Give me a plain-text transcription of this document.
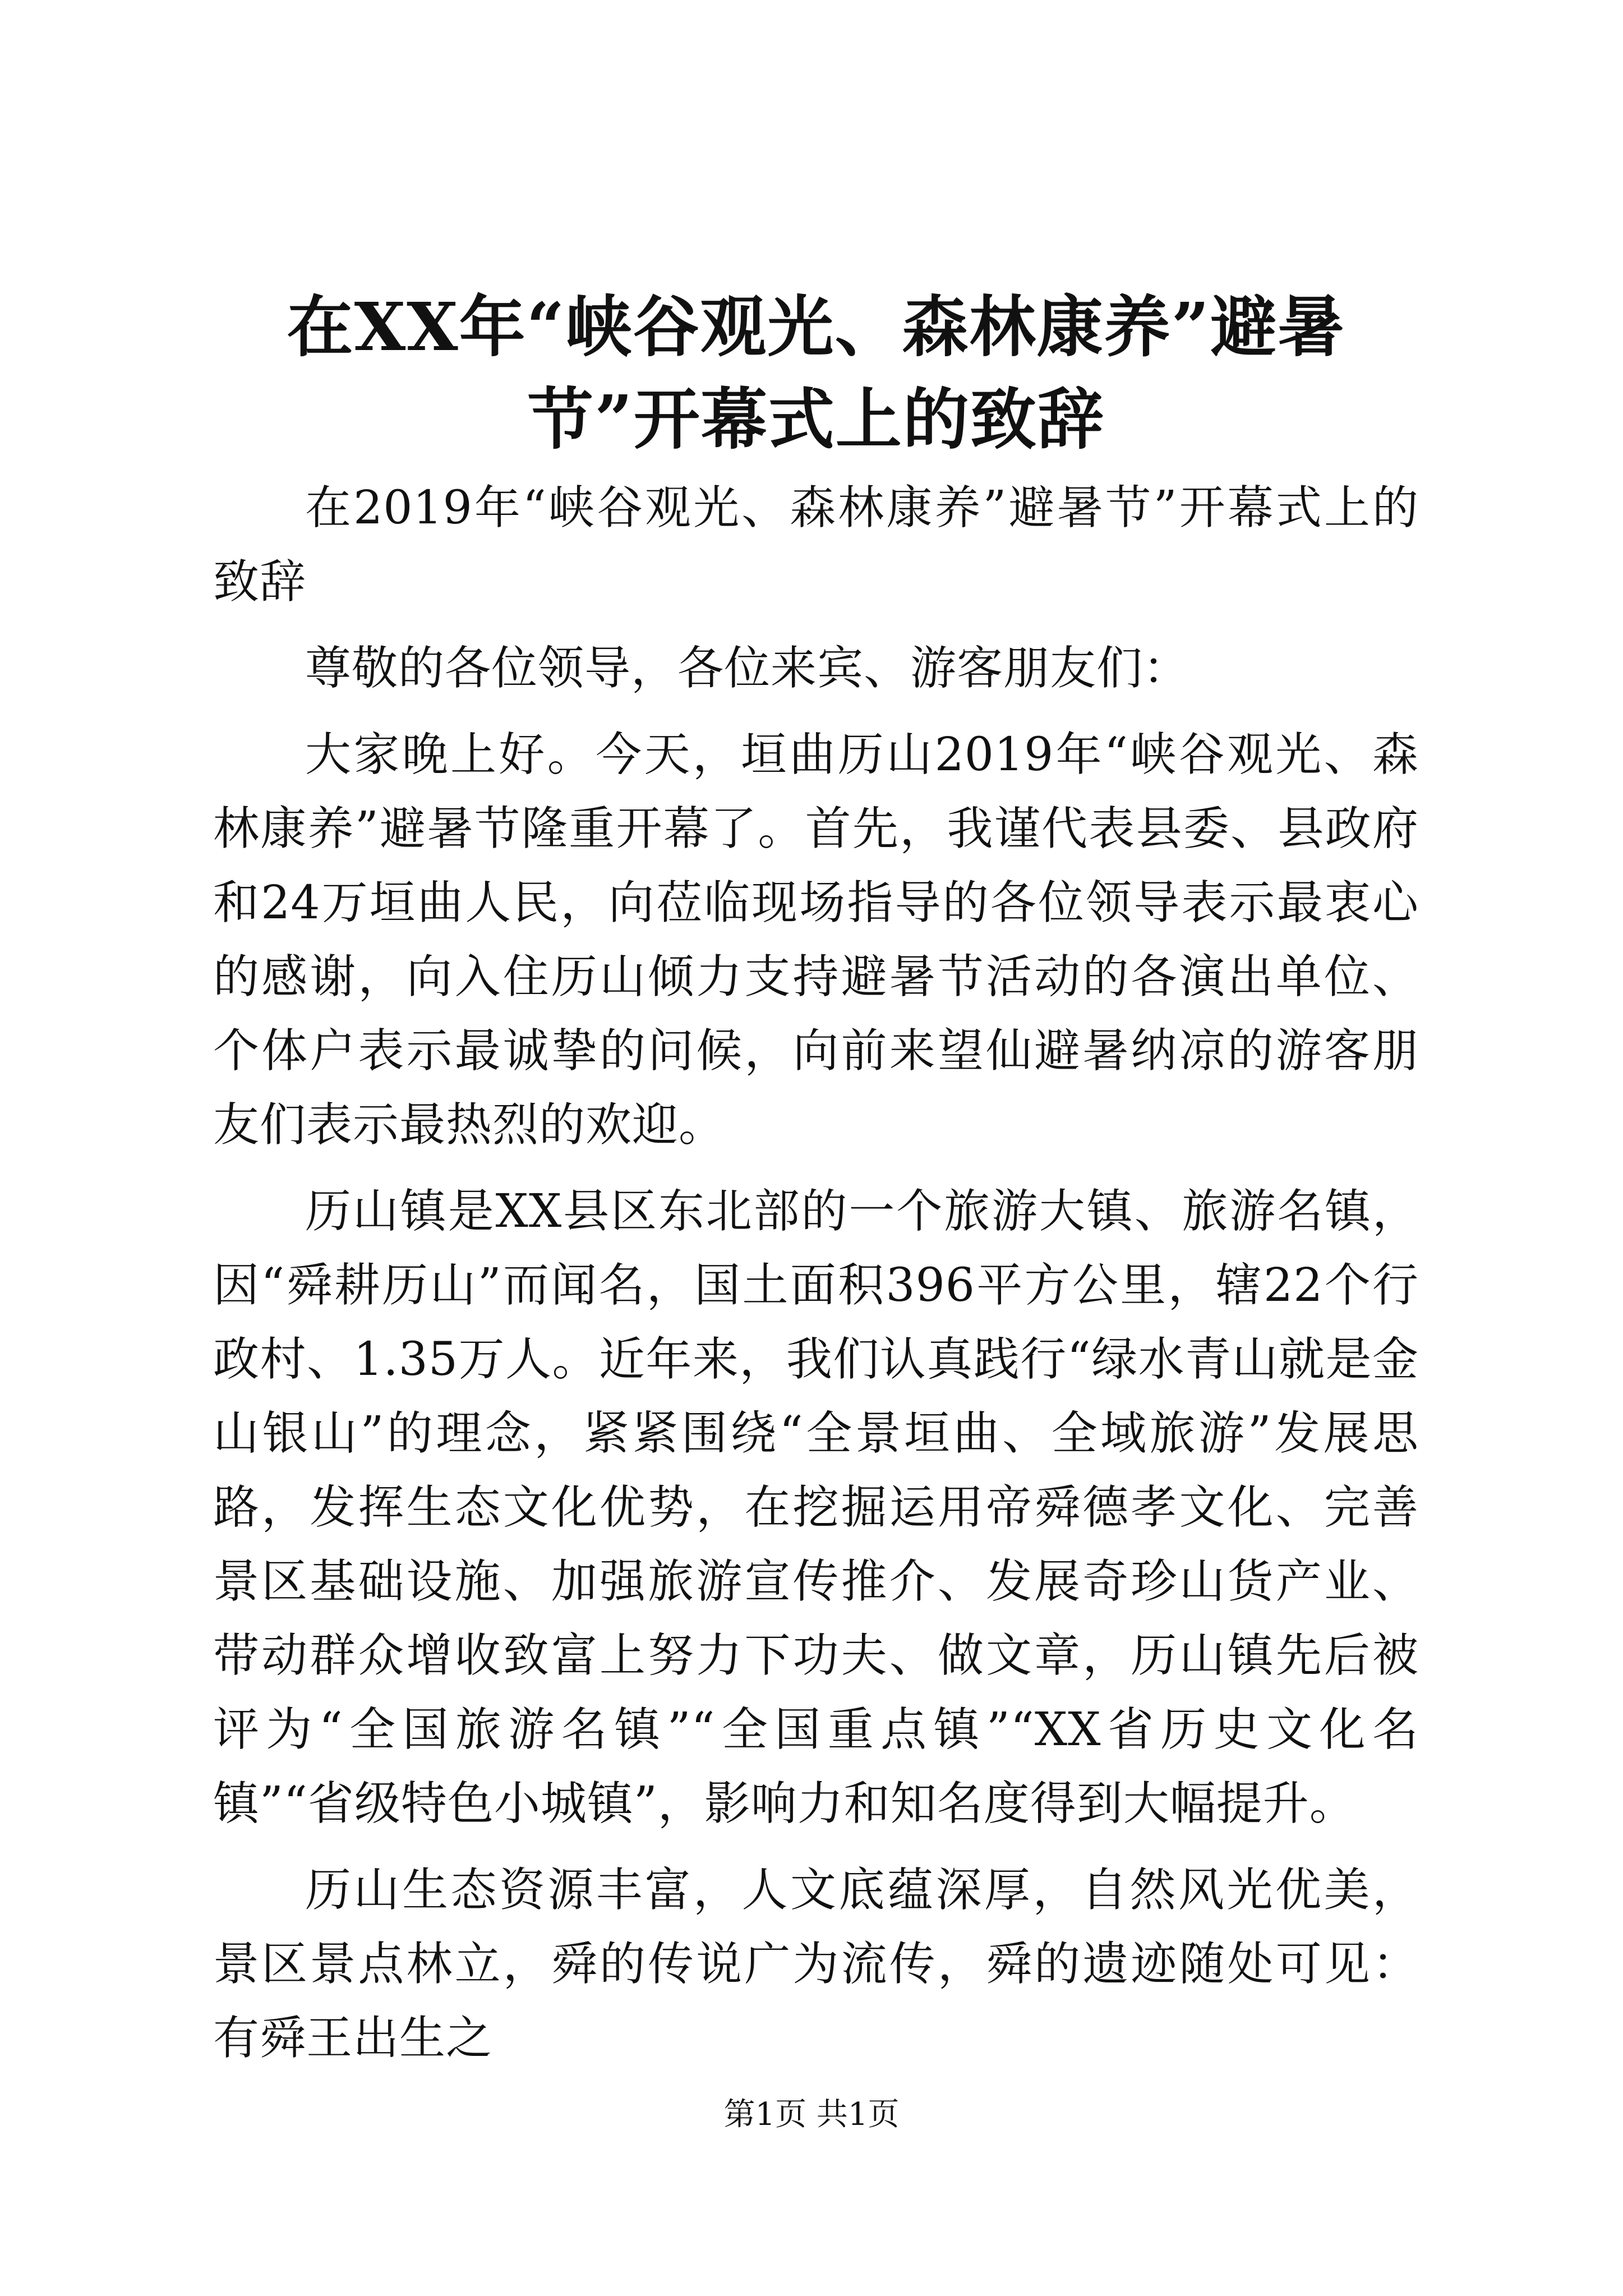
在XX年“峡谷观光、森林康养”避暑节”开幕式上的致辞

在2019年“峡谷观光、森林康养”避暑节”开幕式上的致辞

尊敬的各位领导，各位来宾、游客朋友们：

大家晚上好。今天，垣曲历山2019年“峡谷观光、森林康养”避暑节隆重开幕了。首先，我谨代表县委、县政府和24万垣曲人民，向莅临现场指导的各位领导表示最衷心的感谢，向入住历山倾力支持避暑节活动的各演出单位、个体户表示最诚挚的问候，向前来望仙避暑纳凉的游客朋友们表示最热烈的欢迎。

历山镇是XX县区东北部的一个旅游大镇、旅游名镇，因“舜耕历山”而闻名，国土面积396平方公里，辖22个行政村、1.35万人。近年来，我们认真践行“绿水青山就是金山银山”的理念，紧紧围绕“全景垣曲、全域旅游”发展思路，发挥生态文化优势，在挖掘运用帝舜德孝文化、完善景区基础设施、加强旅游宣传推介、发展奇珍山货产业、带动群众增收致富上努力下功夫、做文章，历山镇先后被评为“全国旅游名镇”“全国重点镇”“XX省历史文化名镇”“省级特色小城镇”，影响力和知名度得到大幅提升。

历山生态资源丰富，人文底蕴深厚，自然风光优美，景区景点林立，舜的传说广为流传，舜的遗迹随处可见：有舜王出生之

第1页 共1页
